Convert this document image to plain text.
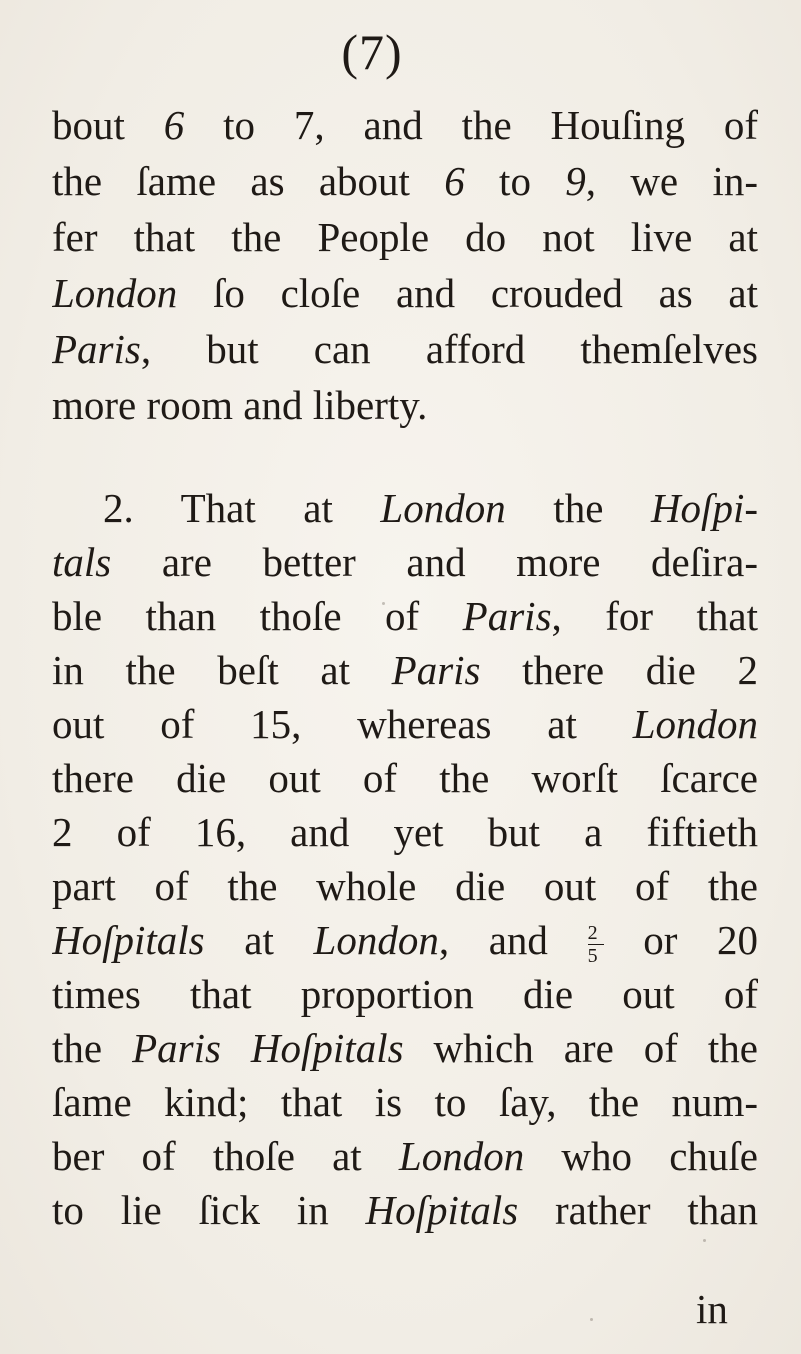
(7)
bout 6 to 7, and the Houſing of
the ſame as about 6 to 9, we in-
fer that the People do not live at
London ſo cloſe and crouded as at
Paris, but can afford themſelves
more room and liberty.
2. That at London the Hoſpi-
tals are better and more deſira-
ble than thoſe of Paris, for that
in the beſt at Paris there die 2
out of 15, whereas at London
there die out of the worſt ſcarce
2 of 16, and yet but a fiftieth
part of the whole die out of the
Hoſpitals at London, and $\frac{2}{5}$ or 20
times that proportion die out of
the Paris Hoſpitals which are of the
ſame kind; that is to ſay, the num-
ber of thoſe at London who chuſe
to lie ſick in Hoſpitals rather than
in
